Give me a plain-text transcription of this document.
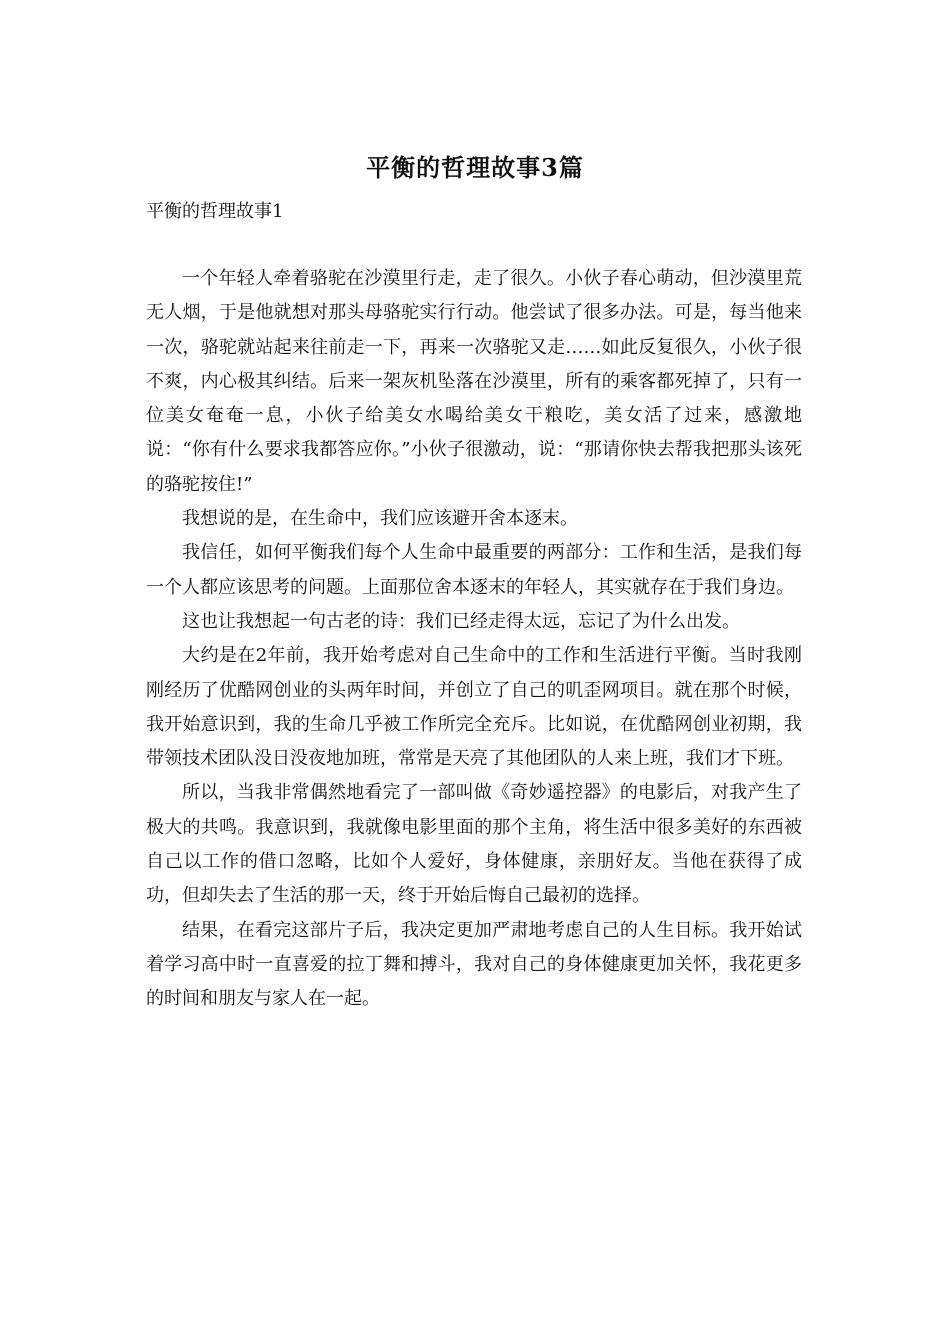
平衡的哲理故事3篇

平衡的哲理故事1

一个年轻人牵着骆驼在沙漠里行走，走了很久。小伙子春心萌动，但沙漠里荒无人烟，于是他就想对那头母骆驼实行行动。他尝试了很多办法。可是，每当他来一次，骆驼就站起来往前走一下，再来一次骆驼又走……如此反复很久，小伙子很不爽，内心极其纠结。后来一架灰机坠落在沙漠里，所有的乘客都死掉了，只有一位美女奄奄一息，小伙子给美女水喝给美女干粮吃，美女活了过来，感激地说：“你有什么要求我都答应你。”小伙子很激动，说：“那请你快去帮我把那头该死的骆驼按住!”

我想说的是，在生命中，我们应该避开舍本逐末。

我信任，如何平衡我们每个人生命中最重要的两部分：工作和生活，是我们每一个人都应该思考的问题。上面那位舍本逐末的年轻人，其实就存在于我们身边。

这也让我想起一句古老的诗：我们已经走得太远，忘记了为什么出发。

大约是在2年前，我开始考虑对自己生命中的工作和生活进行平衡。当时我刚刚经历了优酷网创业的头两年时间，并创立了自己的叽歪网项目。就在那个时候，我开始意识到，我的生命几乎被工作所完全充斥。比如说，在优酷网创业初期，我带领技术团队没日没夜地加班，常常是天亮了其他团队的人来上班，我们才下班。

所以，当我非常偶然地看完了一部叫做《奇妙遥控器》的电影后，对我产生了极大的共鸣。我意识到，我就像电影里面的那个主角，将生活中很多美好的东西被自己以工作的借口忽略，比如个人爱好，身体健康，亲朋好友。当他在获得了成功，但却失去了生活的那一天，终于开始后悔自己最初的选择。

结果，在看完这部片子后，我决定更加严肃地考虑自己的人生目标。我开始试着学习高中时一直喜爱的拉丁舞和搏斗，我对自己的身体健康更加关怀，我花更多的时间和朋友与家人在一起。
